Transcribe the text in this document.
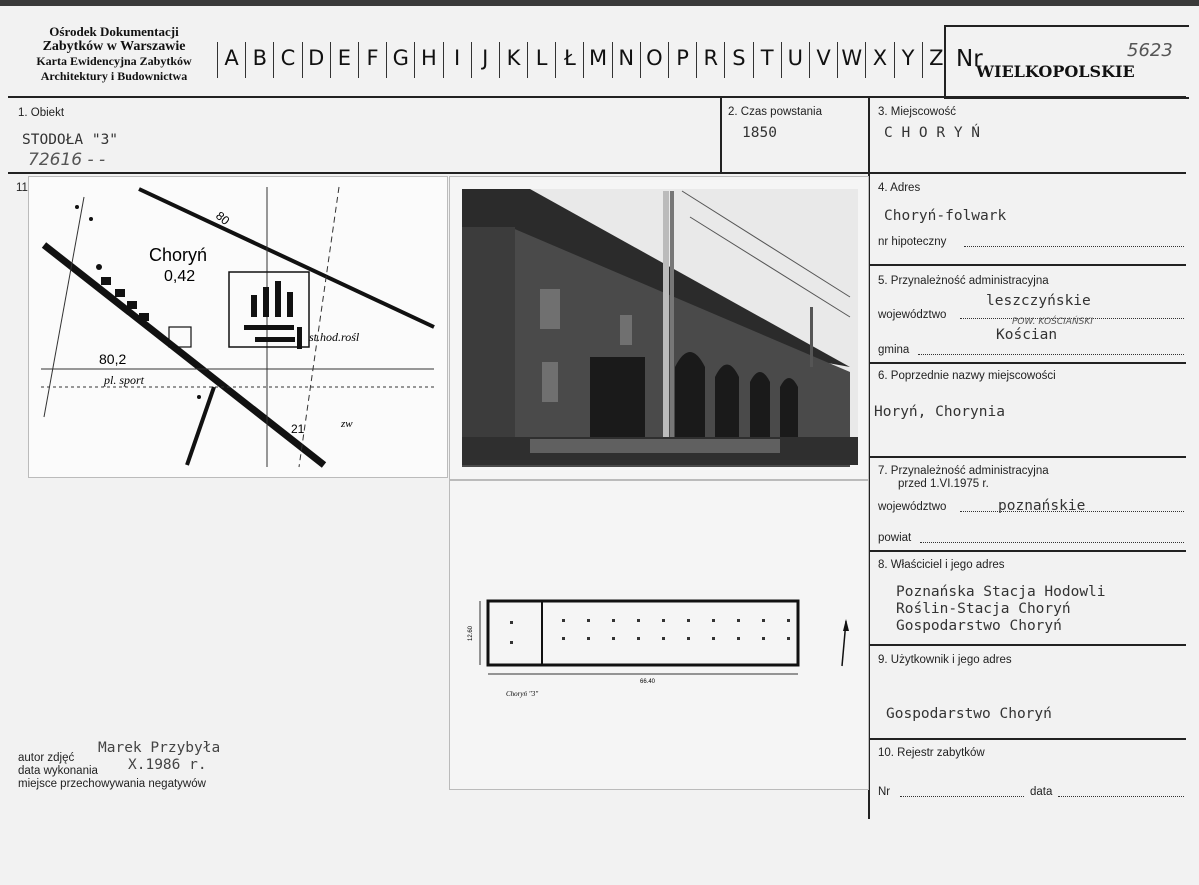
Ośrodek Dokumentacji
Zabytków w Warszawie
Karta Ewidencyjna Zabytków
Architektury i Budownictwa
A B C D E F G H I	J K L Ł M N O P R S T U V W X Y Z Nr
WIELKOPOLSKIE
5623
1. Obiekt
STODOŁA "3"
72616 - -
2. Czas powstania
1850
3. Miejscowość
C H O R Y Ń
11
Choryń
0,42
80
80,2
pl. sport
st.hod.rośl
21	zw
66.40
12.60
Choryń "3"
4. Adres
Choryń-folwark
nr hipoteczny
5. Przynależność administracyjna
leszczyńskie
województwo
POW. KOŚCIAŃSKI
Kościan
gmina
6. Poprzednie nazwy miejscowości
Horyń, Chorynia
7. Przynależność administracyjna
przed 1.VI.1975 r.
województwo	poznańskie
powiat
8. Właściciel i jego adres
Poznańska Stacja Hodowli
Roślin-Stacja Choryń
Gospodarstwo Choryń
9. Użytkownik i jego adres
Gospodarstwo Choryń
10. Rejestr zabytków
Nr	data
autor zdjęć
Marek Przybyła
data wykonania X.1986 r.
miejsce przechowywania negatywów
